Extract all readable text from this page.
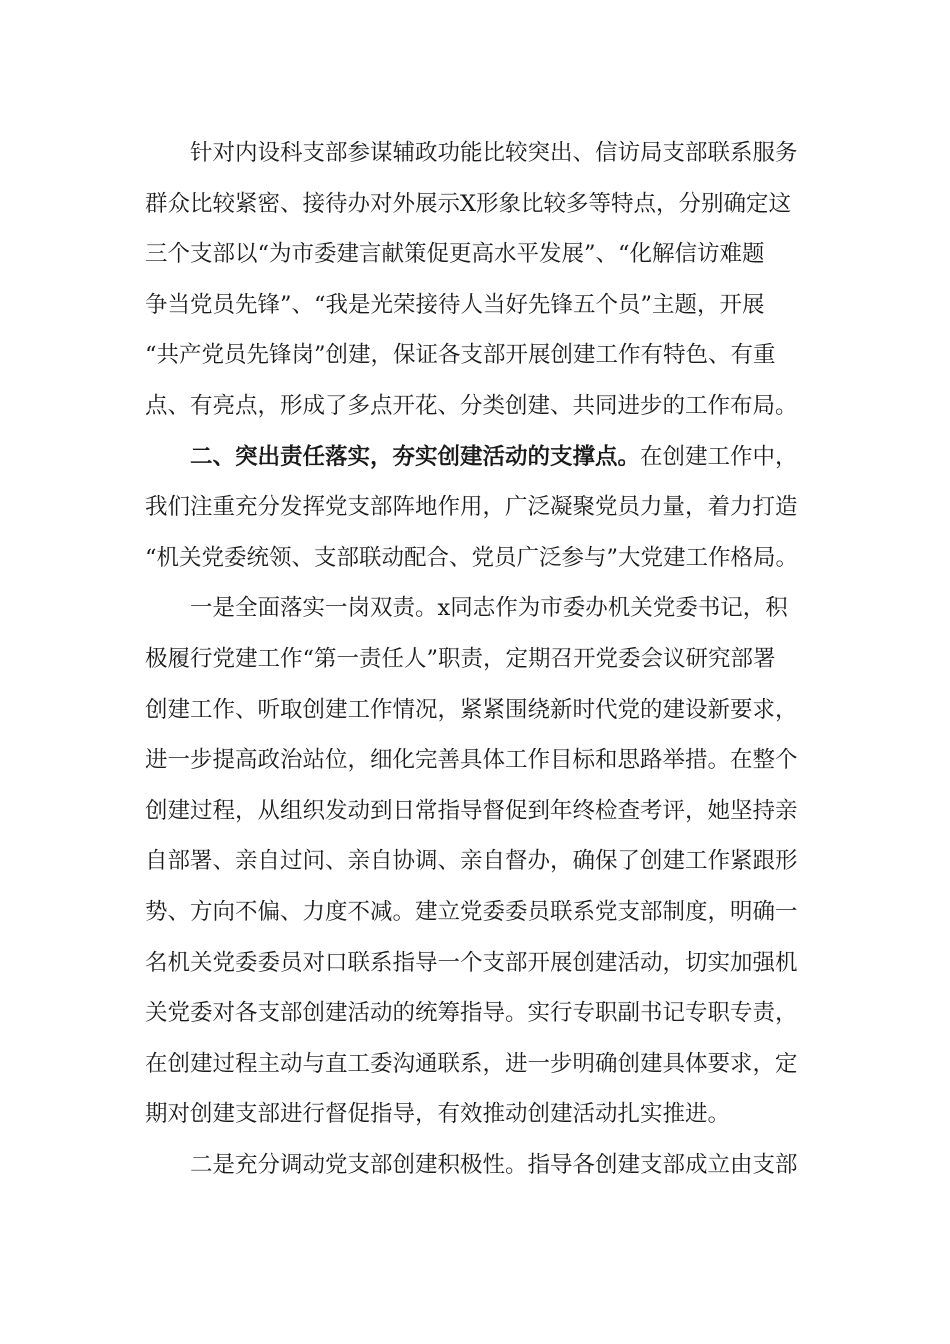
针对内设科支部参谋辅政功能比较突出、信访局支部联系服务
群众比较紧密、接待办对外展示X形象比较多等特点，分别确定这
三个支部以“为市委建言献策促更高水平发展”、“化解信访难题
争当党员先锋”、“我是光荣接待人当好先锋五个员”主题，开展
“共产党员先锋岗”创建，保证各支部开展创建工作有特色、有重
点、有亮点，形成了多点开花、分类创建、共同进步的工作布局。
二、突出责任落实，夯实创建活动的支撑点。在创建工作中，
我们注重充分发挥党支部阵地作用，广泛凝聚党员力量，着力打造
“机关党委统领、支部联动配合、党员广泛参与”大党建工作格局。
一是全面落实一岗双责。x同志作为市委办机关党委书记，积
极履行党建工作“第一责任人”职责，定期召开党委会议研究部署
创建工作、听取创建工作情况，紧紧围绕新时代党的建设新要求，
进一步提高政治站位，细化完善具体工作目标和思路举措。在整个
创建过程，从组织发动到日常指导督促到年终检查考评，她坚持亲
自部署、亲自过问、亲自协调、亲自督办，确保了创建工作紧跟形
势、方向不偏、力度不减。建立党委委员联系党支部制度，明确一
名机关党委委员对口联系指导一个支部开展创建活动，切实加强机
关党委对各支部创建活动的统筹指导。实行专职副书记专职专责，
在创建过程主动与直工委沟通联系，进一步明确创建具体要求，定
期对创建支部进行督促指导，有效推动创建活动扎实推进。
二是充分调动党支部创建积极性。指导各创建支部成立由支部
